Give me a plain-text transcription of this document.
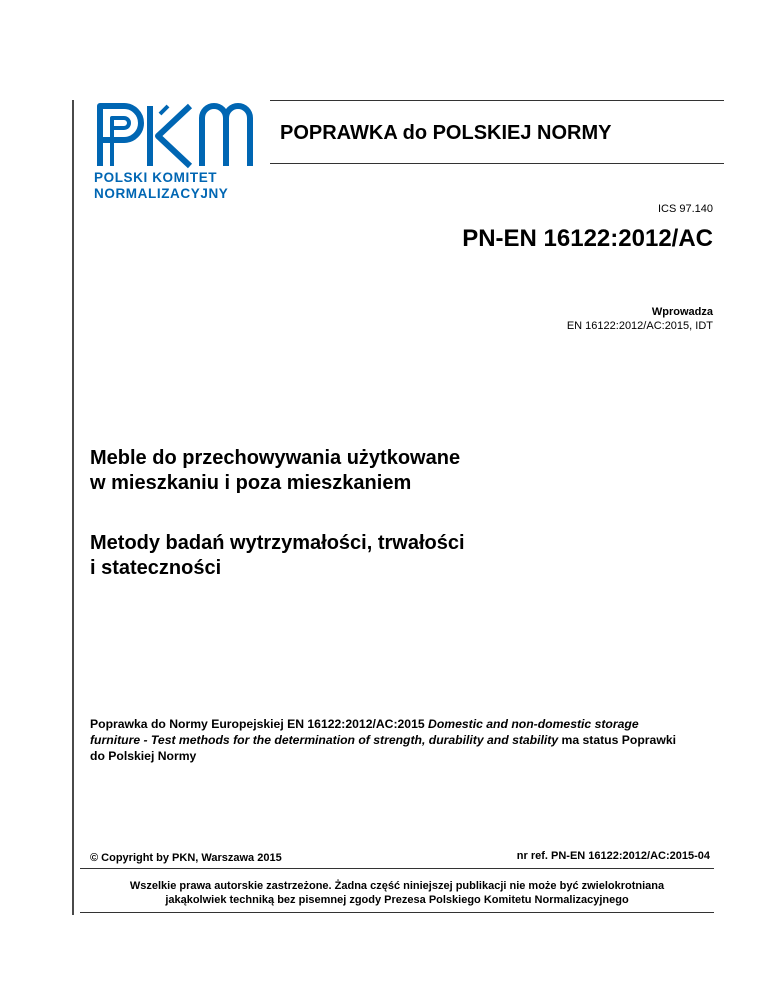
POLSKI KOMITET
NORMALIZACYJNY
POPRAWKA do POLSKIEJ NORMY
ICS 97.140
PN-EN 16122:2012/AC
Wprowadza
EN 16122:2012/AC:2015, IDT
Meble do przechowywania użytkowane
w mieszkaniu i poza mieszkaniem
Metody badań wytrzymałości, trwałości
i stateczności
Poprawka do Normy Europejskiej EN 16122:2012/AC:2015 Domestic and non-domestic storage furniture - Test methods for the determination of strength, durability and stability ma status Poprawki do Polskiej Normy
© Copyright by PKN, Warszawa 2015	nr ref. PN-EN 16122:2012/AC:2015-04
Wszelkie prawa autorskie zastrzeżone. Żadna część niniejszej publikacji nie może być zwielokrotniana
jakąkolwiek techniką bez pisemnej zgody Prezesa Polskiego Komitetu Normalizacyjnego
